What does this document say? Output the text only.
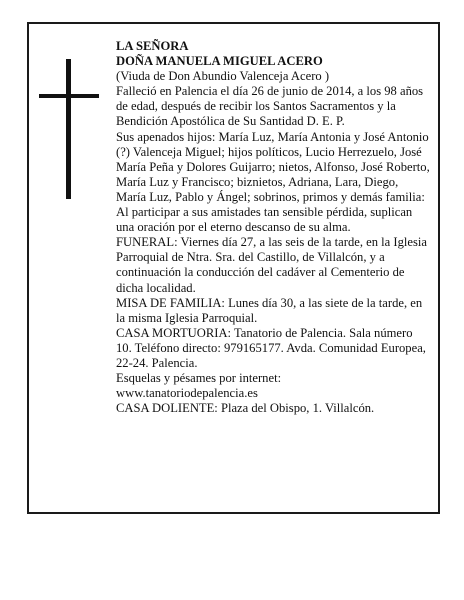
LA SEÑORA

DOÑA MANUELA MIGUEL ACERO

(Viuda de Don Abundio Valenceja Acero )

Falleció en Palencia el día 26 de junio de 2014, a los 98 años de edad, después de recibir los Santos Sacramentos y la Bendición Apostólica de Su Santidad D. E. P.

Sus apenados hijos: María Luz, María Antonia y José Antonio (?) Valenceja Miguel; hijos políticos, Lucio Herrezuelo, José María Peña y Dolores Guijarro; nietos, Alfonso, José Roberto, María Luz y Francisco; biznietos, Adriana, Lara, Diego, María Luz, Pablo y Ángel; sobrinos, primos y demás familia:

Al participar a sus amistades tan sensible pérdida, suplican una oración por el eterno descanso de su alma.

FUNERAL: Viernes día 27, a las seis de la tarde, en la Iglesia Parroquial de Ntra. Sra. del Castillo, de Villalcón, y a continuación la conducción del cadáver al Cementerio de dicha localidad.

MISA DE FAMILIA: Lunes día 30, a las siete de la tarde, en la misma Iglesia Parroquial.

CASA MORTUORIA: Tanatorio de Palencia. Sala número 10. Teléfono directo: 979165177. Avda. Comunidad Europea, 22-24. Palencia.

Esquelas y pésames por internet:

www.tanatoriodepalencia.es

CASA DOLIENTE: Plaza del Obispo, 1. Villalcón.
